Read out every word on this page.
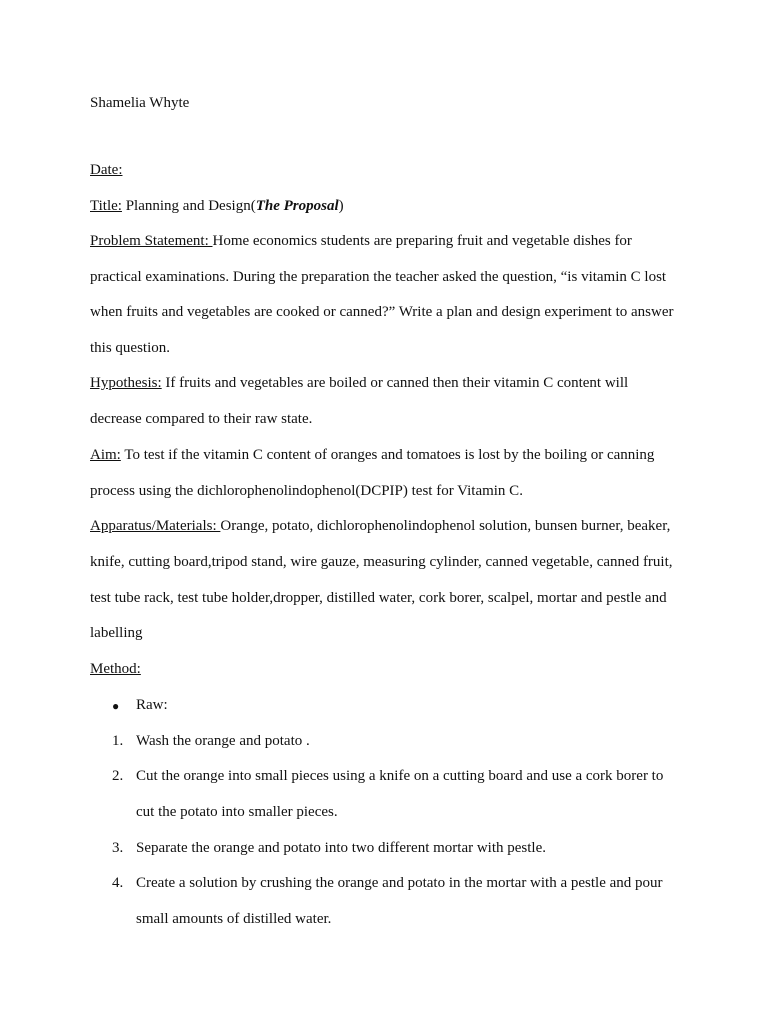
Shamelia Whyte
Date:
Title: Planning and Design(The Proposal)
Problem Statement: Home economics students are preparing fruit and vegetable dishes for
practical examinations. During the preparation the teacher asked the question, “is vitamin C lost
when fruits and vegetables are cooked or canned?” Write a plan and design experiment to answer
this question.
Hypothesis: If fruits and vegetables are boiled or canned then their vitamin C content will
decrease compared to their raw state.
Aim: To test if the vitamin C content of oranges and tomatoes is lost by the boiling or canning
process using the dichlorophenolindophenol(DCPIP) test for Vitamin C.
Apparatus/Materials: Orange, potato, dichlorophenolindophenol solution, bunsen burner, beaker,
knife, cutting board,tripod stand, wire gauze, measuring cylinder, canned vegetable, canned fruit,
test tube rack, test tube holder,dropper, distilled water, cork borer, scalpel, mortar and pestle and
labelling
Method:
● Raw:
1. Wash the orange and potato .
2. Cut the orange into small pieces using a knife on a cutting board and use a cork borer to
cut the potato into smaller pieces.
3. Separate the orange and potato into two different mortar with pestle.
4. Create a solution by crushing the orange and potato in the mortar with a pestle and pour
small amounts of distilled water.
